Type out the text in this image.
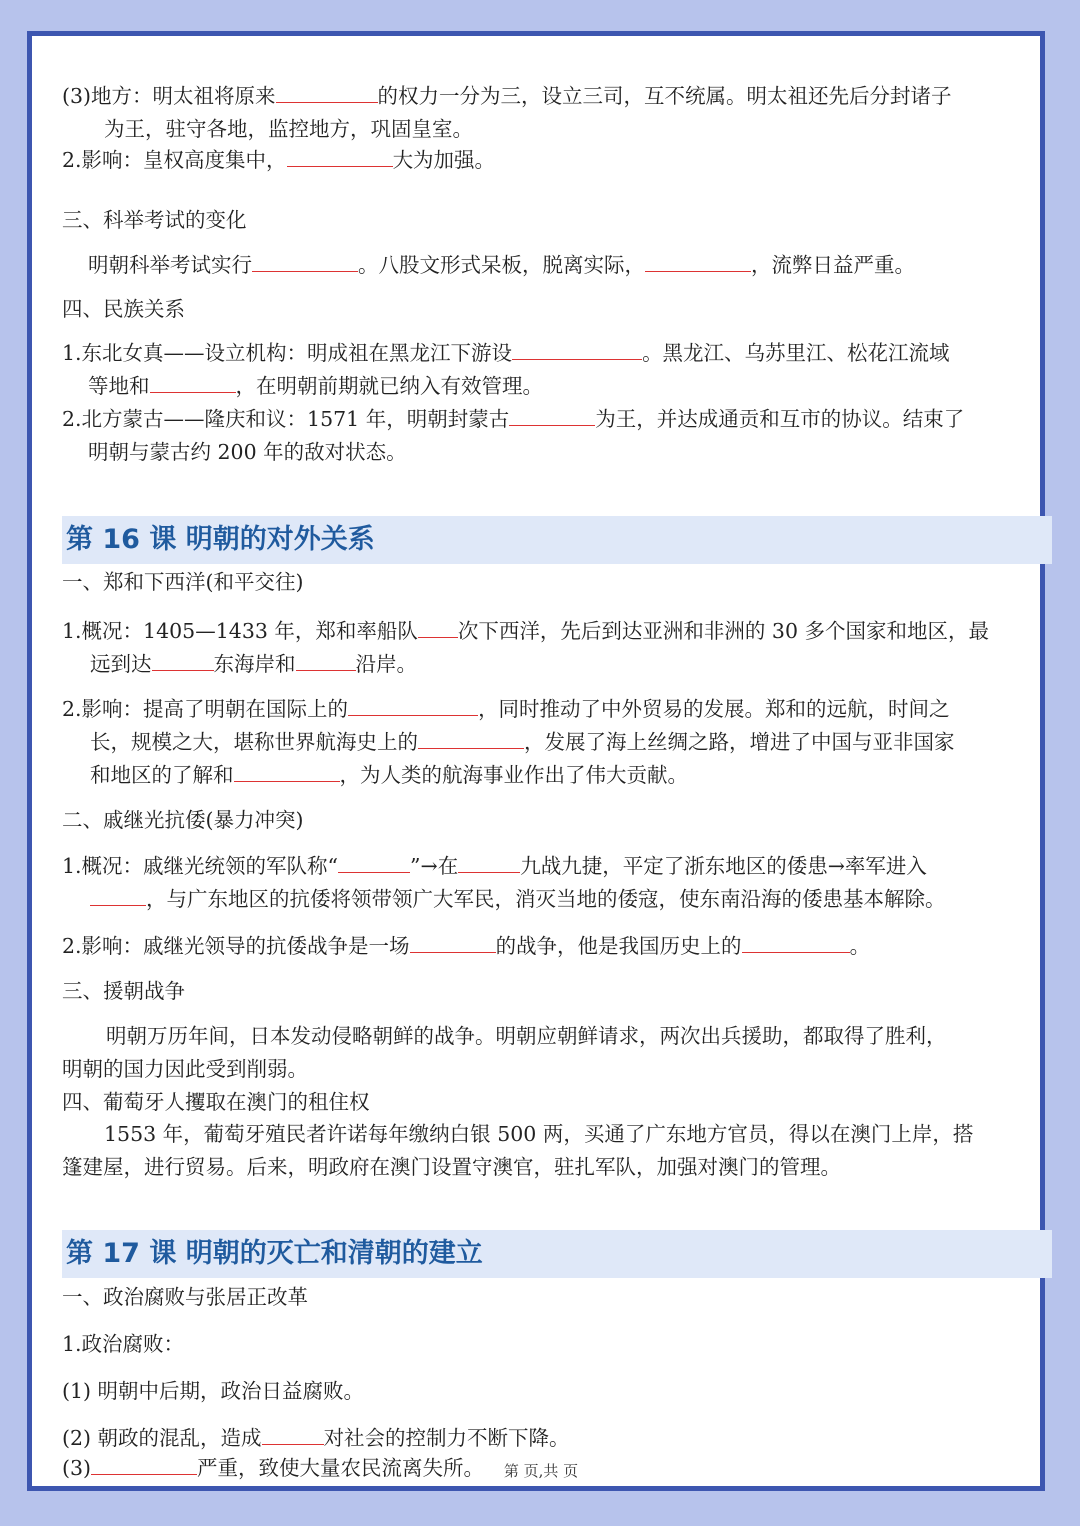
(3)地方：明太祖将原来	的权力一分为三，设立三司，互不统属。明太祖还先后分封诸子
为王，驻守各地，监控地方，巩固皇室。
2.影响：皇权高度集中，	大为加强。
三、科举考试的变化
明朝科举考试实行	。八股文形式呆板，脱离实际，	，流弊日益严重。
四、民族关系
1.东北女真——设立机构：明成祖在黑龙江下游设	。黑龙江、乌苏里江、松花江流域
等地和	，在明朝前期就已纳入有效管理。
2.北方蒙古——隆庆和议：1571 年，明朝封蒙古	为王，并达成通贡和互市的协议。结束了
明朝与蒙古约 200 年的敌对状态。
第 16 课 明朝的对外关系
一、郑和下西洋(和平交往)
1.概况：1405—1433 年，郑和率船队 次下西洋，先后到达亚洲和非洲的 30 多个国家和地区，最
远到达	东海岸和	沿岸。
2.影响：提高了明朝在国际上的	，同时推动了中外贸易的发展。郑和的远航，时间之
长，规模之大，堪称世界航海史上的	，发展了海上丝绸之路，增进了中国与亚非国家
和地区的了解和	，为人类的航海事业作出了伟大贡献。
二、戚继光抗倭(暴力冲突)
1.概况：戚继光统领的军队称“	”→在	九战九捷，平定了浙东地区的倭患→率军进入
，与广东地区的抗倭将领带领广大军民，消灭当地的倭寇，使东南沿海的倭患基本解除。
2.影响：戚继光领导的抗倭战争是一场	的战争，他是我国历史上的	。
三、援朝战争
明朝万历年间，日本发动侵略朝鲜的战争。明朝应朝鲜请求，两次出兵援助，都取得了胜利，
明朝的国力因此受到削弱。
四、葡萄牙人攫取在澳门的租住权
1553 年，葡萄牙殖民者许诺每年缴纳白银 500 两，买通了广东地方官员，得以在澳门上岸，搭
篷建屋，进行贸易。后来，明政府在澳门设置守澳官，驻扎军队，加强对澳门的管理。
第 17 课 明朝的灭亡和清朝的建立
一、政治腐败与张居正改革
1.政治腐败：
(1) 明朝中后期，政治日益腐败。
(2) 朝政的混乱，造成	对社会的控制力不断下降。
(3)	严重，致使大量农民流离失所。	第 页,共 页
